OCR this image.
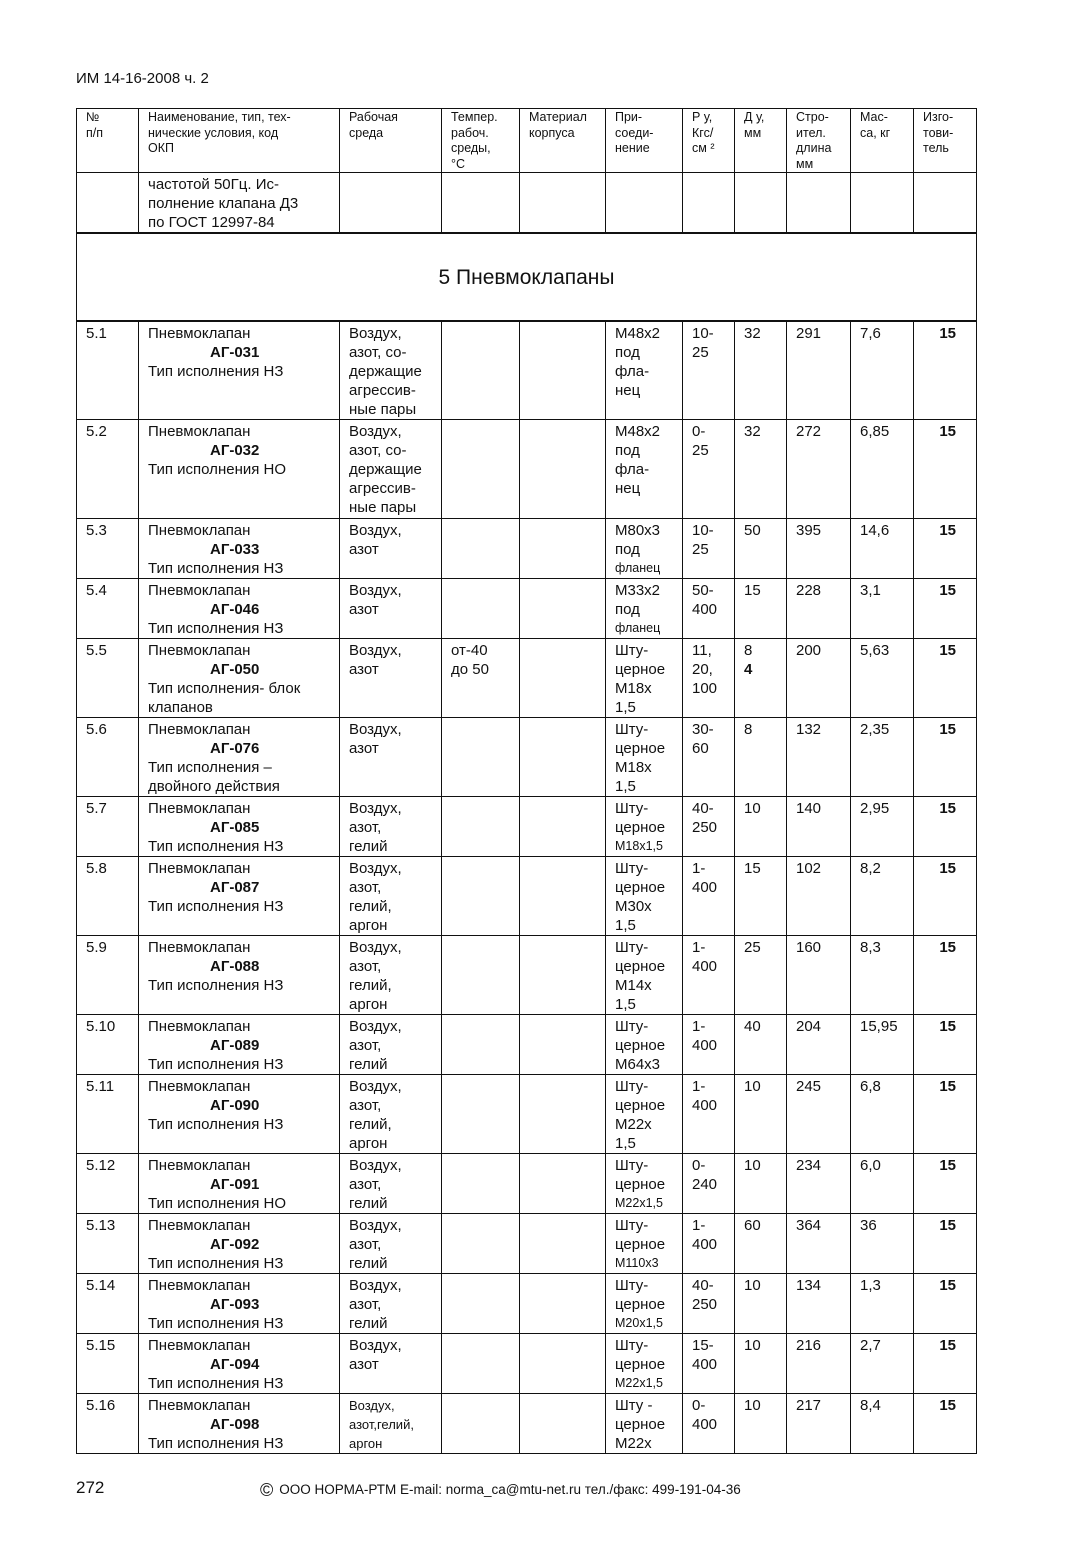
ИМ 14-16-2008 ч. 2
№
п/п	Наименование, тип, тех-
нические условия, код
ОКП	Рабочая
среда	Темпер.
рабоч.
среды,
°С	Материал
корпуса	При-
соеди-
нение	Р у,
Кгс/
см ²	Д у,
мм	Стро-
ител.
длина
мм	Мас-
са, кг	Изго-
тови-
тель
	частотой 50Гц. Ис-
полнение клапана Д3
по ГОСТ 12997-84									
5 Пневмоклапаны										
5.1	Пневмоклапан
АГ-031
Тип исполнения НЗ	Воздух,
азот, со-
держащие
агрессив-
ные пары			М48х2
под
фла-
нец	10-
25	32	291	7,6	15
5.2	Пневмоклапан
АГ-032
Тип исполнения НО	Воздух,
азот, со-
держащие
агрессив-
ные пары			М48х2
под
фла-
нец	0-
25	32	272	6,85	15
5.3	Пневмоклапан
АГ-033
Тип исполнения НЗ	Воздух,
азот			М80х3
под
фланец	10-
25	50	395	14,6	15
5.4	Пневмоклапан
АГ-046
Тип исполнения НЗ	Воздух,
азот			М33х2
под
фланец	50-
400	15	228	3,1	15
5.5	Пневмоклапан
АГ-050
Тип исполнения- блок
клапанов	Воздух,
азот	от-40
до 50		Шту-
церное
М18х
1,5	11,
20,
100	8
4	200	5,63	15
5.6	Пневмоклапан
АГ-076
Тип исполнения –
двойного действия	Воздух,
азот			Шту-
церное
М18х
1,5	30-
60	8	132	2,35	15
5.7	Пневмоклапан
АГ-085
Тип исполнения НЗ	Воздух,
азот,
гелий			Шту-
церное
М18х1,5	40-
250	10	140	2,95	15
5.8	Пневмоклапан
АГ-087
Тип исполнения НЗ	Воздух,
азот,
гелий,
аргон			Шту-
церное
М30х
1,5	1-
400	15	102	8,2	15
5.9	Пневмоклапан
АГ-088
Тип исполнения НЗ	Воздух,
азот,
гелий,
аргон			Шту-
церное
М14х
1,5	1-
400	25	160	8,3	15
5.10	Пневмоклапан
АГ-089
Тип исполнения НЗ	Воздух,
азот,
гелий			Шту-
церное
М64х3	1-
400	40	204	15,95	15
5.11	Пневмоклапан
АГ-090
Тип исполнения НЗ	Воздух,
азот,
гелий,
аргон			Шту-
церное
М22х
1,5	1-
400	10	245	6,8	15
5.12	Пневмоклапан
АГ-091
Тип исполнения НО	Воздух,
азот,
гелий			Шту-
церное
М22х1,5	0-
240	10	234	6,0	15
5.13	Пневмоклапан
АГ-092
Тип исполнения НЗ	Воздух,
азот,
гелий			Шту-
церное
М110х3	1-
400	60	364	36	15
5.14	Пневмоклапан
АГ-093
Тип исполнения НЗ	Воздух,
азот,
гелий			Шту-
церное
М20х1,5	40-
250	10	134	1,3	15
5.15	Пневмоклапан
АГ-094
Тип исполнения НЗ	Воздух,
азот			Шту-
церное
М22х1,5	15-
400	10	216	2,7	15
5.16	Пневмоклапан
АГ-098
Тип исполнения НЗ	Воздух,
азот,гелий,
аргон			Шту -
церное
М22х	0-
400	10	217	8,4	15
272	© ООО НОРМА-РТМ E-mail: norma_ca@mtu-net.ru тел./факс: 499-191-04-36
